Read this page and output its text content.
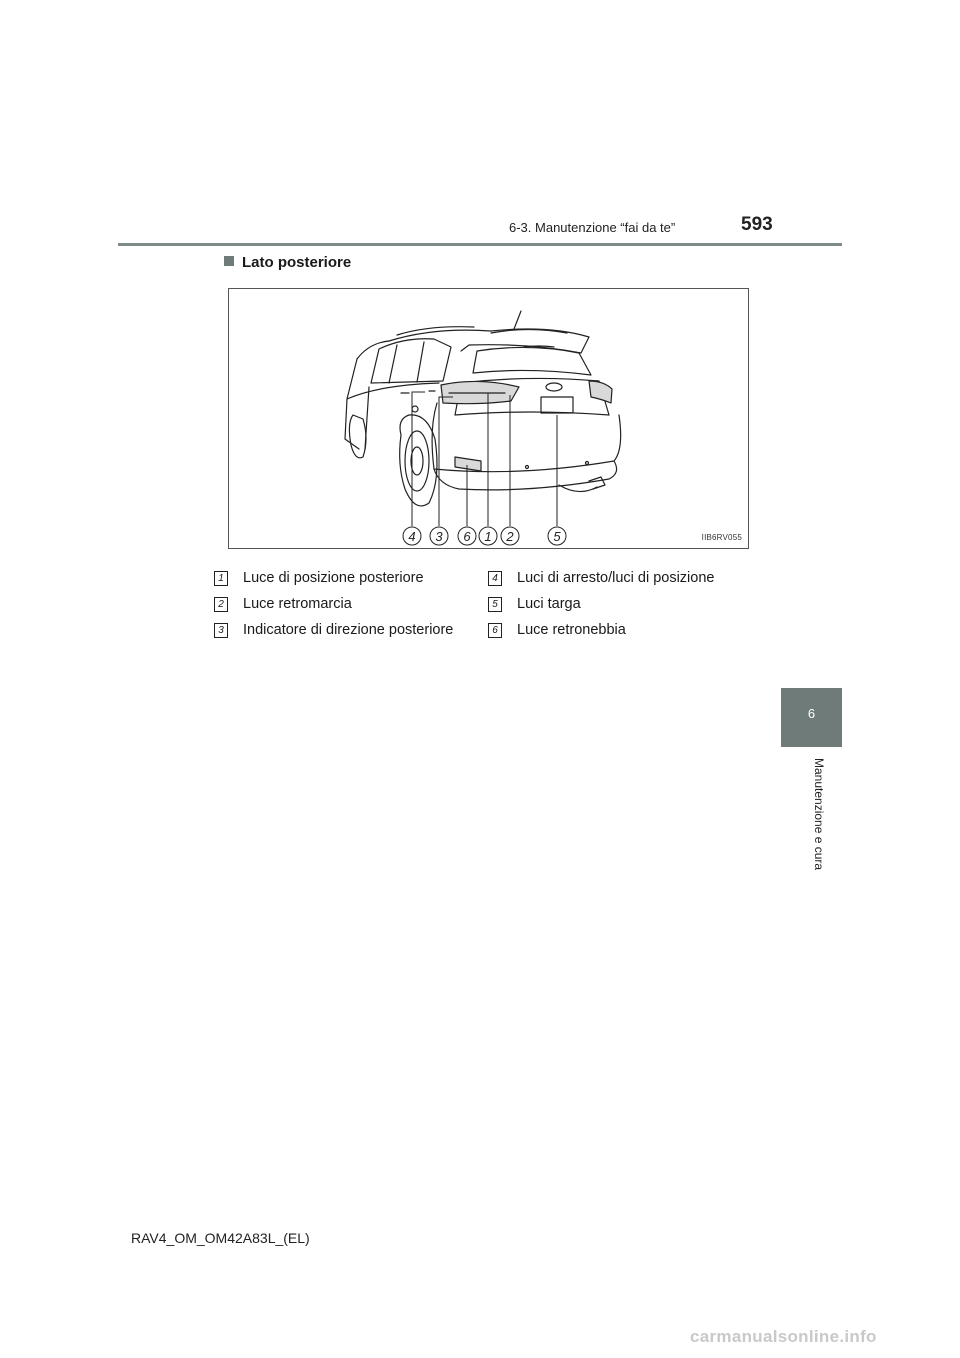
6-3. Manutenzione “fai da te”	593
6
Manutenzione e cura
Lato posteriore
4 3 6 1 2	5	IIB6RV055
1 Luce di posizione posteriore
2 Luce retromarcia
3 Indicatore di direzione posteriore
4 Luci di arresto/luci di posizione
5 Luci targa
6 Luce retronebbia
RAV4_OM_OM42A83L_(EL)
carmanualsonline.info
